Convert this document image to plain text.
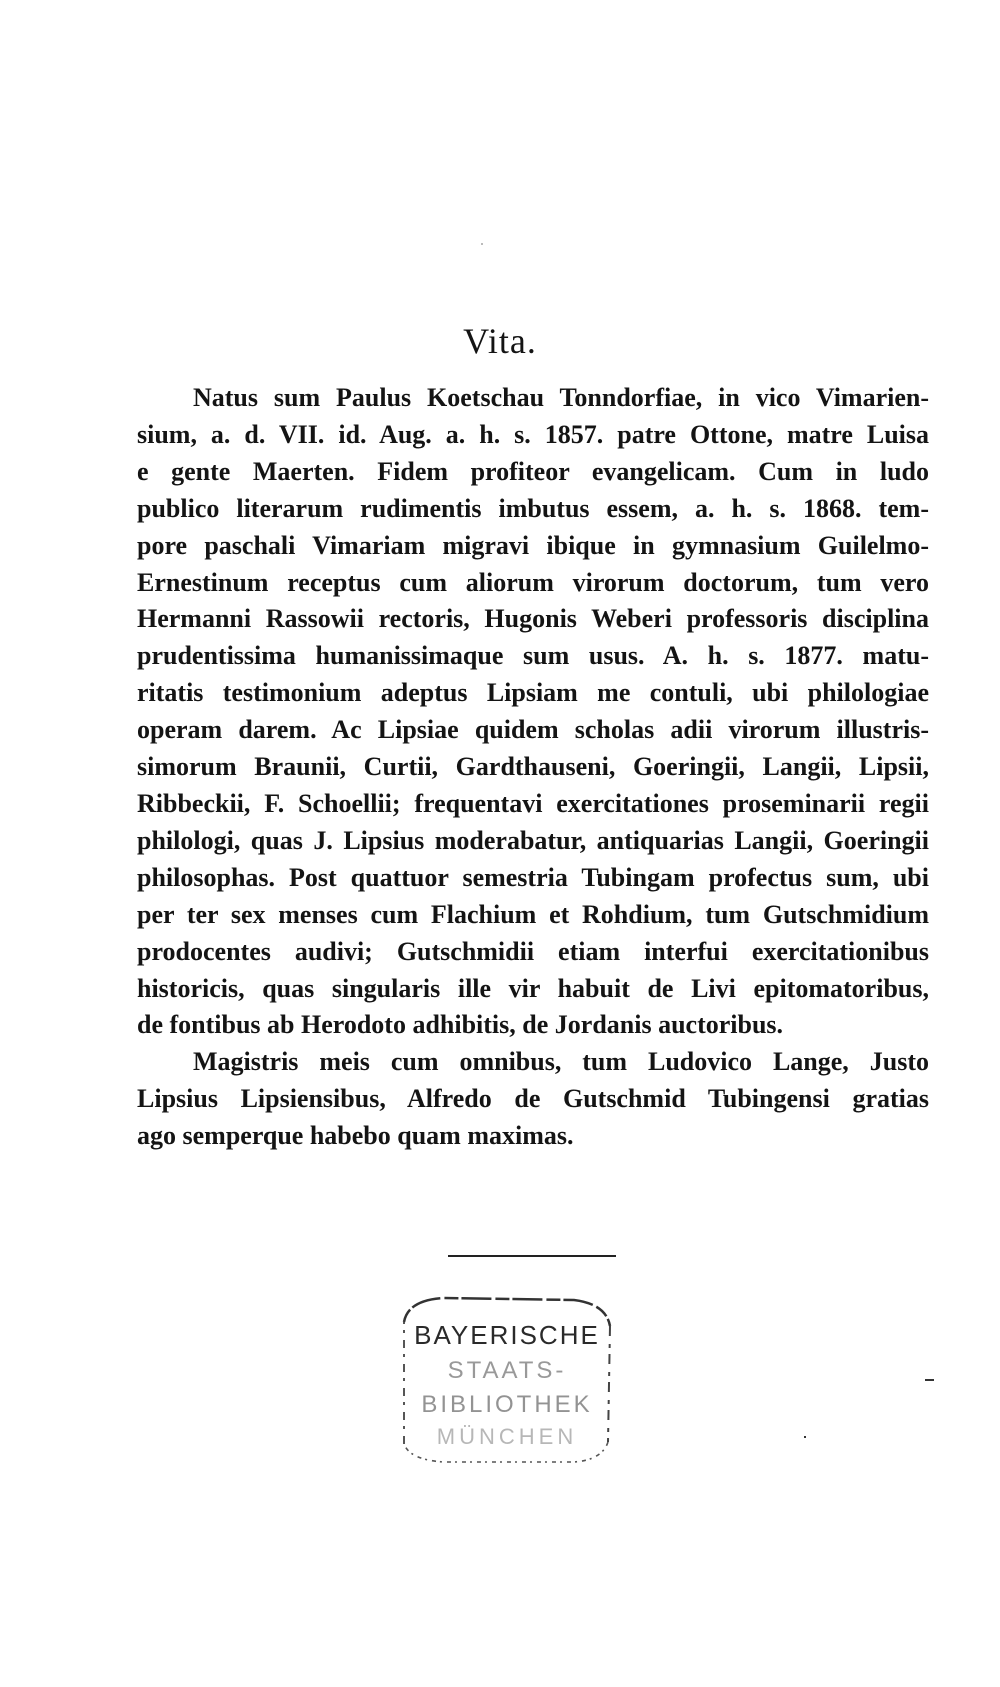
Vita.
Natus sum Paulus Koetschau Tonndorfiae, in vico Vimarien-
sium, a. d. VII. id. Aug. a. h. s. 1857. patre Ottone, matre Luisa
e gente Maerten. Fidem profiteor evangelicam. Cum in ludo
publico literarum rudimentis imbutus essem, a. h. s. 1868. tem-
pore paschali Vimariam migravi ibique in gymnasium Guilelmo-
Ernestinum receptus cum aliorum virorum doctorum, tum vero
Hermanni Rassowii rectoris, Hugonis Weberi professoris disciplina
prudentissima humanissimaque sum usus. A. h. s. 1877. matu-
ritatis testimonium adeptus Lipsiam me contuli, ubi philologiae
operam darem. Ac Lipsiae quidem scholas adii virorum illustris-
simorum Braunii, Curtii, Gardthauseni, Goeringii, Langii, Lipsii,
Ribbeckii, F. Schoellii; frequentavi exercitationes proseminarii regii
philologi, quas J. Lipsius moderabatur, antiquarias Langii, Goeringii
philosophas. Post quattuor semestria Tubingam profectus sum, ubi
per ter sex menses cum Flachium et Rohdium, tum Gutschmidium
prodocentes audivi; Gutschmidii etiam interfui exercitationibus
historicis, quas singularis ille vir habuit de Livi epitomatoribus,
de fontibus ab Herodoto adhibitis, de Jordanis auctoribus.
Magistris meis cum omnibus, tum Ludovico Lange, Justo
Lipsius Lipsiensibus, Alfredo de Gutschmid Tubingensi gratias
ago semperque habebo quam maximas.
BAYERISCHE
STAATS-
BIBLIOTHEK
MÜNCHEN
